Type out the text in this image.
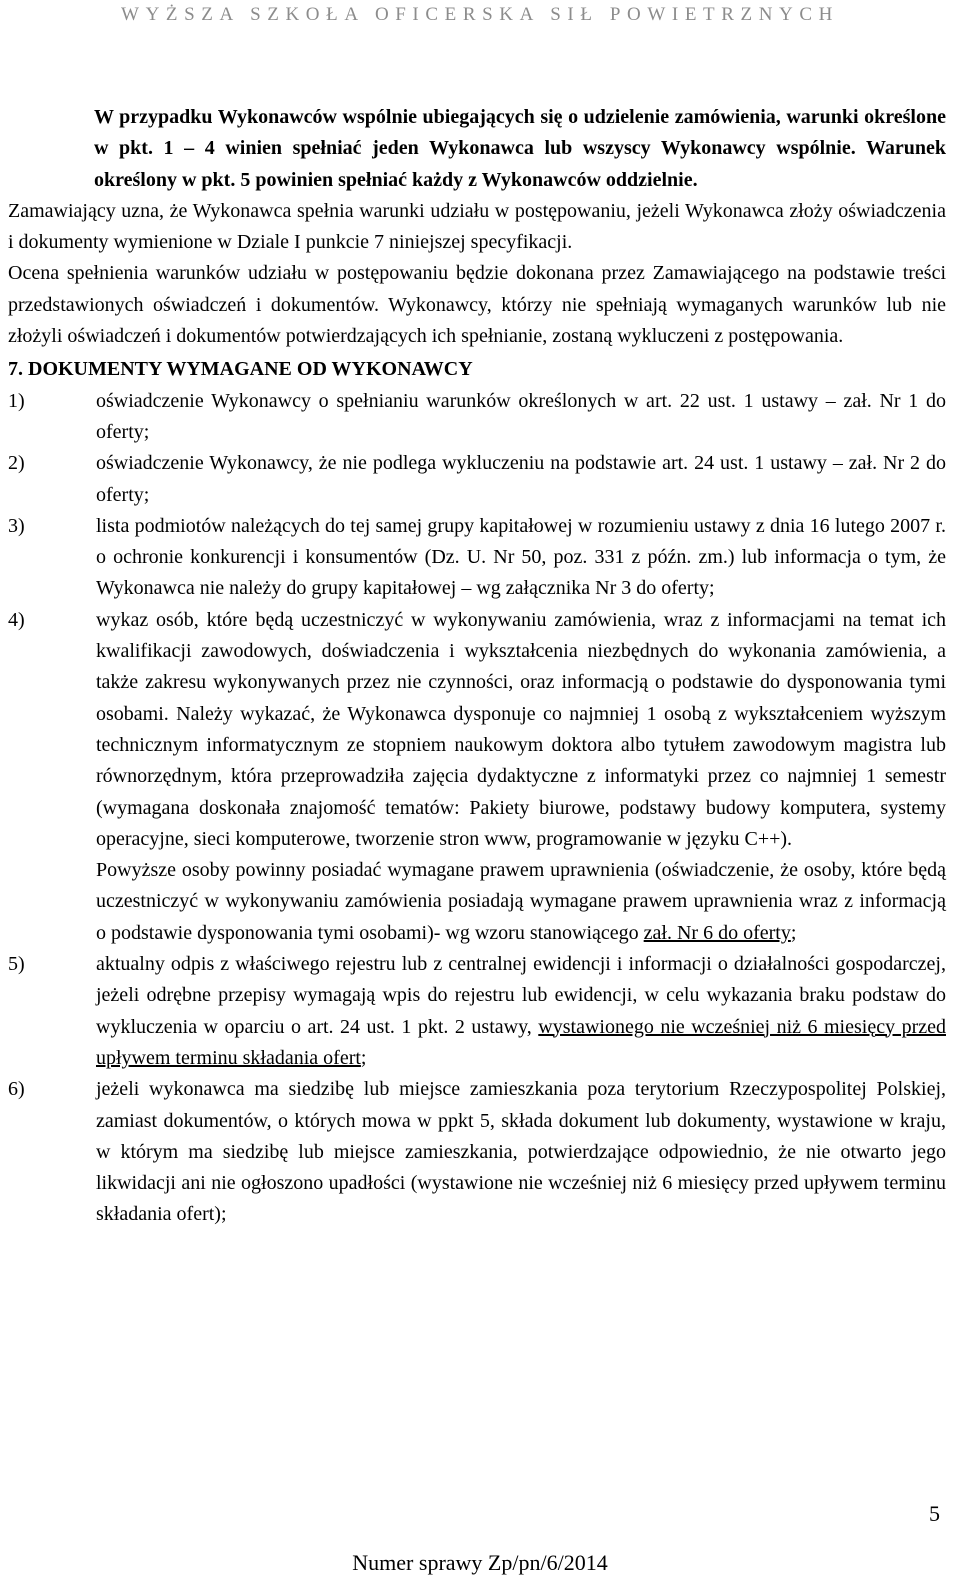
WYŻSZA SZKOŁA OFICERSKA SIŁ POWIETRZNYCH

W przypadku Wykonawców wspólnie ubiegających się o udzielenie zamówienia, warunki określone w pkt. 1 – 4 winien spełniać jeden Wykonawca lub wszyscy Wykonawcy wspólnie. Warunek określony w pkt. 5 powinien spełniać każdy z Wykonawców oddzielnie.

Zamawiający uzna, że Wykonawca spełnia warunki udziału w postępowaniu, jeżeli Wykonawca złoży oświadczenia i dokumenty wymienione w Dziale I punkcie 7 niniejszej specyfikacji.

Ocena spełnienia warunków udziału w postępowaniu będzie dokonana przez Zamawiającego na podstawie treści przedstawionych oświadczeń i dokumentów. Wykonawcy, którzy nie spełniają wymaganych warunków lub nie złożyli oświadczeń i dokumentów potwierdzających ich spełnianie, zostaną wykluczeni z postępowania.

7. DOKUMENTY WYMAGANE OD WYKONAWCY
1)	oświadczenie Wykonawcy o spełnianiu warunków określonych w art. 22 ust. 1 ustawy – zał. Nr 1 do oferty;

2)	oświadczenie Wykonawcy, że nie podlega wykluczeniu na podstawie art. 24 ust. 1 ustawy – zał. Nr 2 do oferty;

3)	lista podmiotów należących do tej samej grupy kapitałowej w rozumieniu ustawy z dnia 16 lutego 2007 r. o ochronie konkurencji i konsumentów (Dz. U. Nr 50, poz. 331 z późn. zm.) lub informacja o tym, że Wykonawca nie należy do grupy kapitałowej – wg załącznika Nr 3 do oferty;

4)	wykaz osób, które będą uczestniczyć w wykonywaniu zamówienia, wraz z informacjami na temat ich kwalifikacji zawodowych, doświadczenia i wykształcenia niezbędnych do wykonania zamówienia, a także zakresu wykonywanych przez nie czynności, oraz informacją o podstawie do dysponowania tymi osobami. Należy wykazać, że Wykonawca dysponuje co najmniej 1 osobą z wykształceniem wyższym technicznym informatycznym ze stopniem naukowym doktora albo tytułem zawodowym magistra lub równorzędnym, która przeprowadziła zajęcia dydaktyczne z informatyki przez co najmniej 1 semestr (wymagana doskonała znajomość tematów: Pakiety biurowe, podstawy budowy komputera, systemy operacyjne, sieci komputerowe, tworzenie stron www, programowanie w języku C++).

Powyższe osoby powinny posiadać wymagane prawem uprawnienia (oświadczenie, że osoby, które będą uczestniczyć w wykonywaniu zamówienia posiadają wymagane prawem uprawnienia wraz z informacją o podstawie dysponowania tymi osobami)- wg wzoru stanowiącego zał. Nr 6 do oferty;

5)	aktualny odpis z właściwego rejestru lub z centralnej ewidencji i informacji o działalności gospodarczej, jeżeli odrębne przepisy wymagają wpis do rejestru lub ewidencji, w celu wykazania braku podstaw do wykluczenia w oparciu o art. 24 ust. 1 pkt. 2 ustawy, wystawionego nie wcześniej niż 6 miesięcy przed upływem terminu składania ofert;

6)	jeżeli wykonawca ma siedzibę lub miejsce zamieszkania poza terytorium Rzeczypospolitej Polskiej, zamiast dokumentów, o których mowa w ppkt 5, składa dokument lub dokumenty, wystawione w kraju, w którym ma siedzibę lub miejsce zamieszkania, potwierdzające odpowiednio, że nie otwarto jego likwidacji ani nie ogłoszono upadłości (wystawione nie wcześniej niż 6 miesięcy przed upływem terminu składania ofert);

5
Numer sprawy Zp/pn/6/2014
